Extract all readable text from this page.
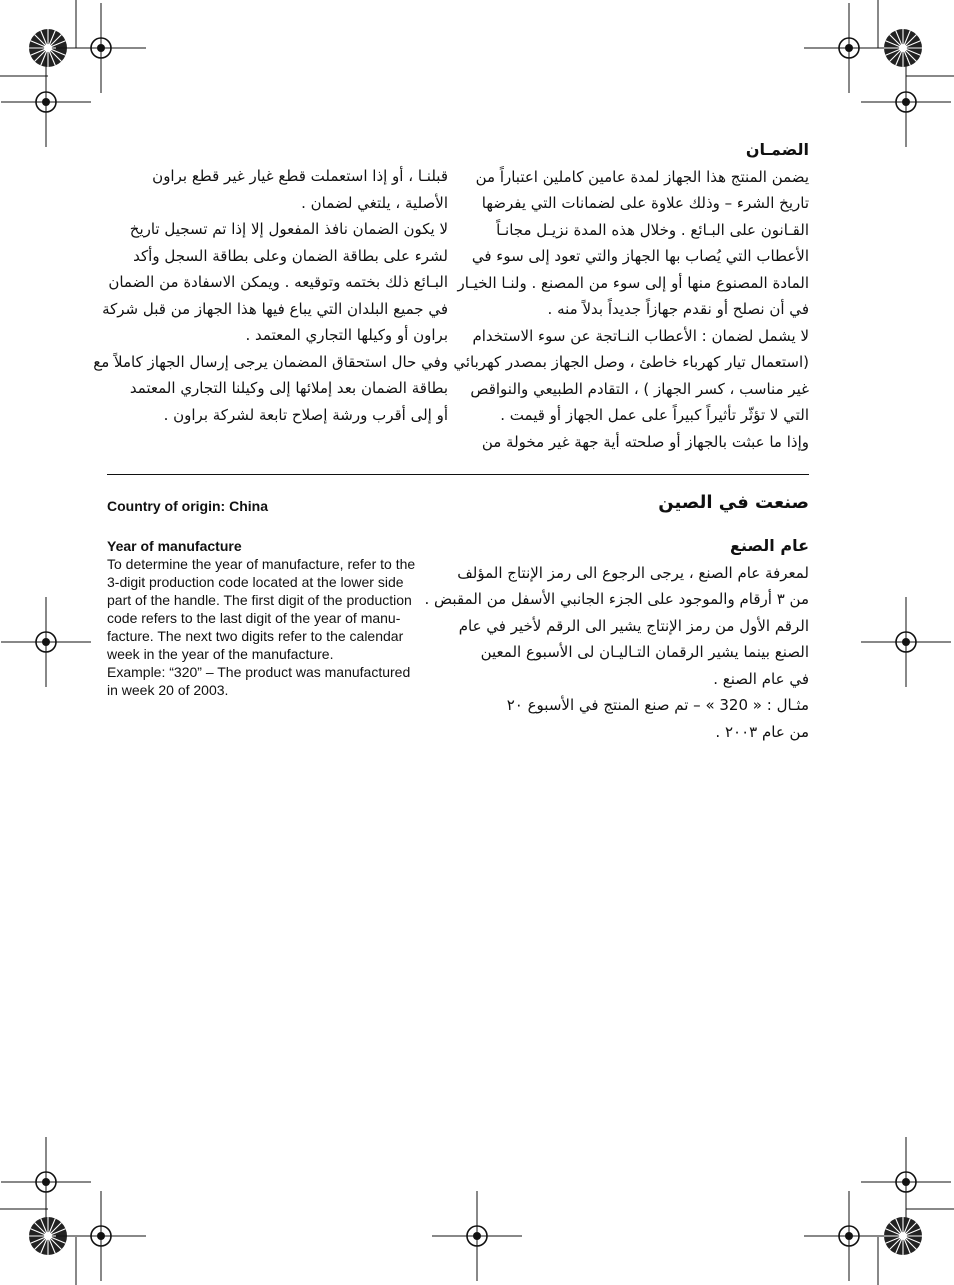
الضمـان
يضمن المنتج هذا الجهاز لمدة عامين كاملين اعتباراً من
تاريخ الشرء – وذلك علاوة على لضمانات التي يفرضها
القـانون على البـائع . وخلال هذه المدة نزيـل مجانـاً
الأعطاب التي يُصاب بها الجهاز والتي تعود إلى سوء في
المادة المصنوع منها أو إلى سوء من المصنع . ولنـا الخيـار
في أن نصلح أو نقدم جهازاً جديداً بدلاً منه .
لا يشمل لضمان : الأعطاب النـاتجة عن سوء الاستخدام
(استعمال تيار كهرباء خاطئ ، وصل الجهاز بمصدر كهربائي
غير مناسب ، كسر الجهاز ) ، التقادم الطبيعي والنواقص
التي لا تؤثّر تأثيراً كبيراً على عمل الجهاز أو قيمت .
وإذا ما عبثت بالجهاز أو صلحته أية جهة غير مخولة من
قبلنـا ، أو إذا استعملت قطع غيار غير قطع براون
الأصلية ، يلتغي لضمان .
لا يكون الضمان نافذ المفعول إلا إذا تم تسجيل تاريخ
لشرء على بطاقة الضمان وعلى بطاقة السجل وأكد
البـائع ذلك بختمه وتوقيعه . ويمكن الاسفادة من الضمان
في جميع البلدان التي يباع فيها هذا الجهاز من قبل شركة
براون أو وكيلها التجاري المعتمد .
وفي حال استحقاق المضمان يرجى إرسال الجهاز كاملاً مع
بطاقة الضمان بعد إملائها إلى وكيلنا التجاري المعتمد
أو إلى أقرب ورشة إصلاح تابعة لشركة براون .
صنعت في الصين
Country of origin: China
عام الصنع
لمعرفة عام الصنع ، يرجى الرجوع الى رمز الإنتاج المؤلف
من ٣ أرقام والموجود على الجزء الجانبي الأسفل من المقبض .
الرقم الأول من رمز الإنتاج يشير الى الرقم لأخير في عام
الصنع بينما يشير الرقمان التـاليـان لى الأسبوع المعين
في عام الصنع .
مثـال : « 320 » – تم صنع المنتج في الأسبوع ٢٠
من عام ٢٠٠٣ .
Year of manufacture
To determine the year of manufacture, refer to the
3-digit production code located at the lower side
part of the handle. The first digit of the production
code refers to the last digit of the year of manu-
facture. The next two digits refer to the calendar
week in the year of the manufacture.
Example: “320” – The product was manufactured
in week 20 of 2003.
